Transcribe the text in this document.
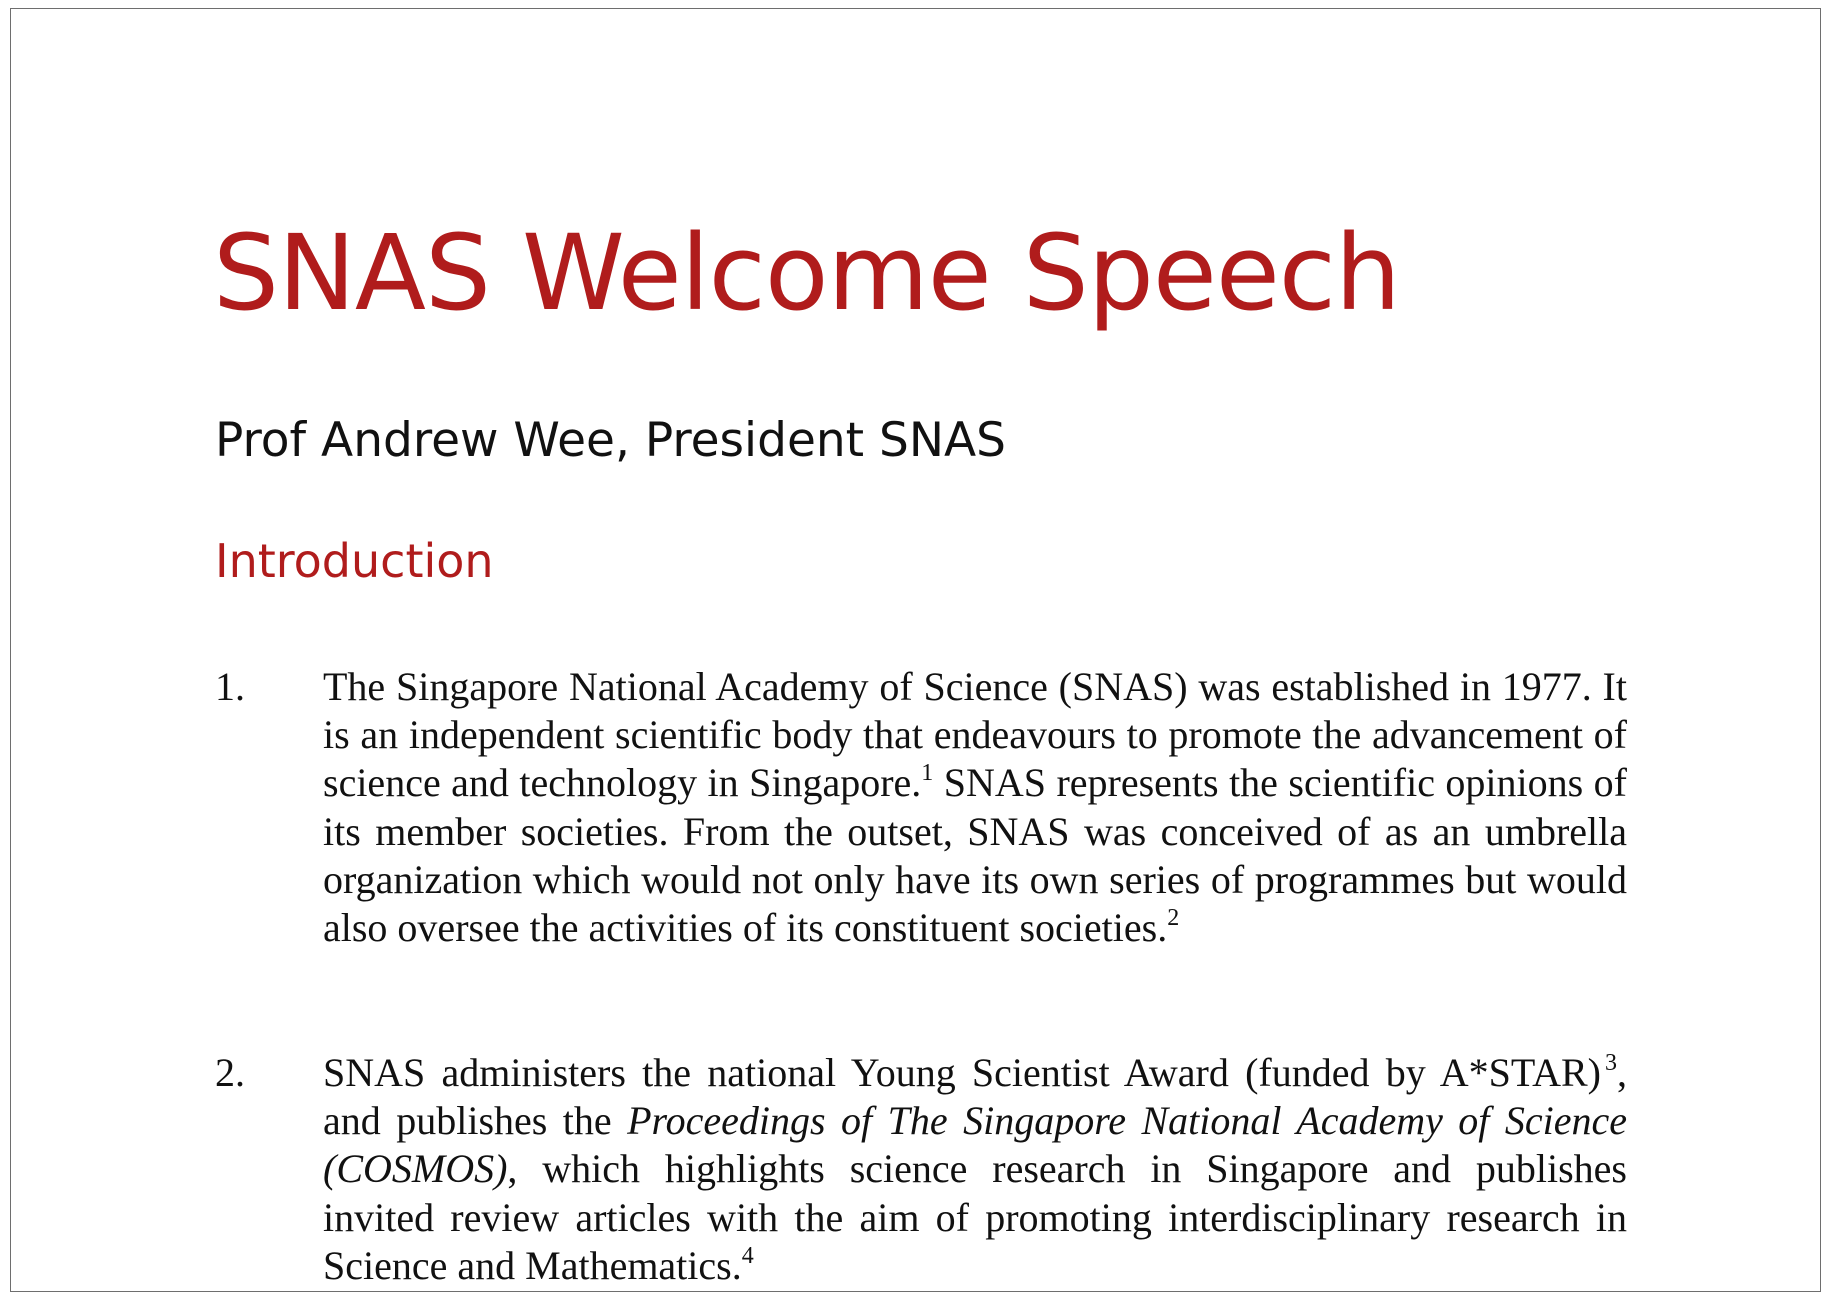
SNAS Welcome Speech
Prof Andrew Wee, President SNAS
Introduction
1.	The Singapore National Academy of Science (SNAS) was established in 1977. It is an independent scientific body that endeavours to promote the advancement of science and technology in Singapore.$^1$ SNAS represents the scientific opinions of its member societies. From the outset, SNAS was conceived of as an umbrella organization which would not only have its own series of programmes but would also oversee the activities of its constituent societies.$^2$
2.	SNAS administers the national Young Scientist Award (funded by A*STAR) $^3$, and publishes the Proceedings of The Singapore National Academy of Science (COSMOS), which highlights science research in Singapore and publishes invited review articles with the aim of promoting interdisciplinary research in Science and Mathematics.$^4$
